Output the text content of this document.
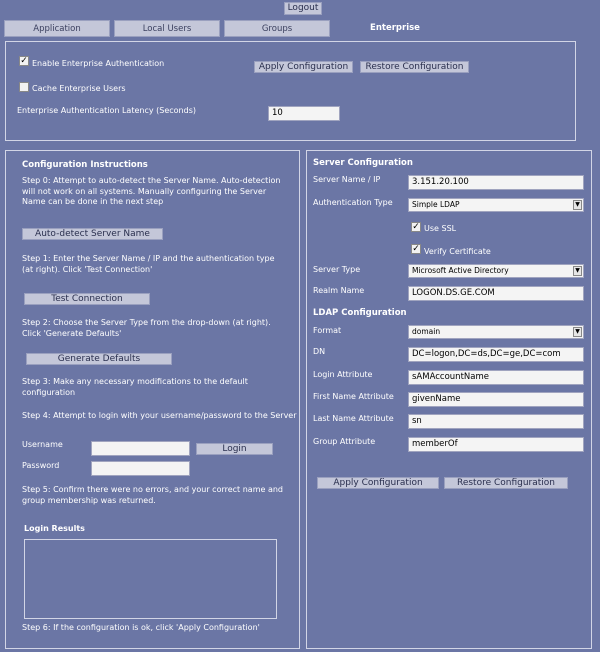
Logout
Application	Local Users	Groups	Enterprise
✓ Enable Enterprise Authentication
Cache Enterprise Users
Enterprise Authentication Latency (Seconds)	10
Apply Configuration	Restore Configuration
Configuration Instructions
Step 0: Attempt to auto-detect the Server Name. Auto-detection will not work on all systems. Manually configuring the Server Name can be done in the next step
Auto-detect Server Name
Step 1: Enter the Server Name / IP and the authentication type (at right). Click 'Test Connection'
Test Connection
Step 2: Choose the Server Type from the drop-down (at right). Click 'Generate Defaults'
Generate Defaults
Step 3: Make any necessary modifications to the default configuration
Step 4: Attempt to login with your username/password to the Server
Username	Login
Password
Step 5: Confirm there were no errors, and your correct name and group membership was returned.
Login Results
Step 6: If the configuration is ok, click 'Apply Configuration'
Server Configuration
Server Name / IP	3.151.20.100
Authentication Type	Simple LDAP	▼
✓ Use SSL
✓ Verify Certificate
Server Type	Microsoft Active Directory	▼
Realm Name	LOGON.DS.GE.COM
LDAP Configuration
Format	domain	▼
DN	DC=logon,DC=ds,DC=ge,DC=com
Login Attribute	sAMAccountName
First Name Attribute	givenName
Last Name Attribute	sn
Group Attribute	memberOf
Apply Configuration	Restore Configuration
